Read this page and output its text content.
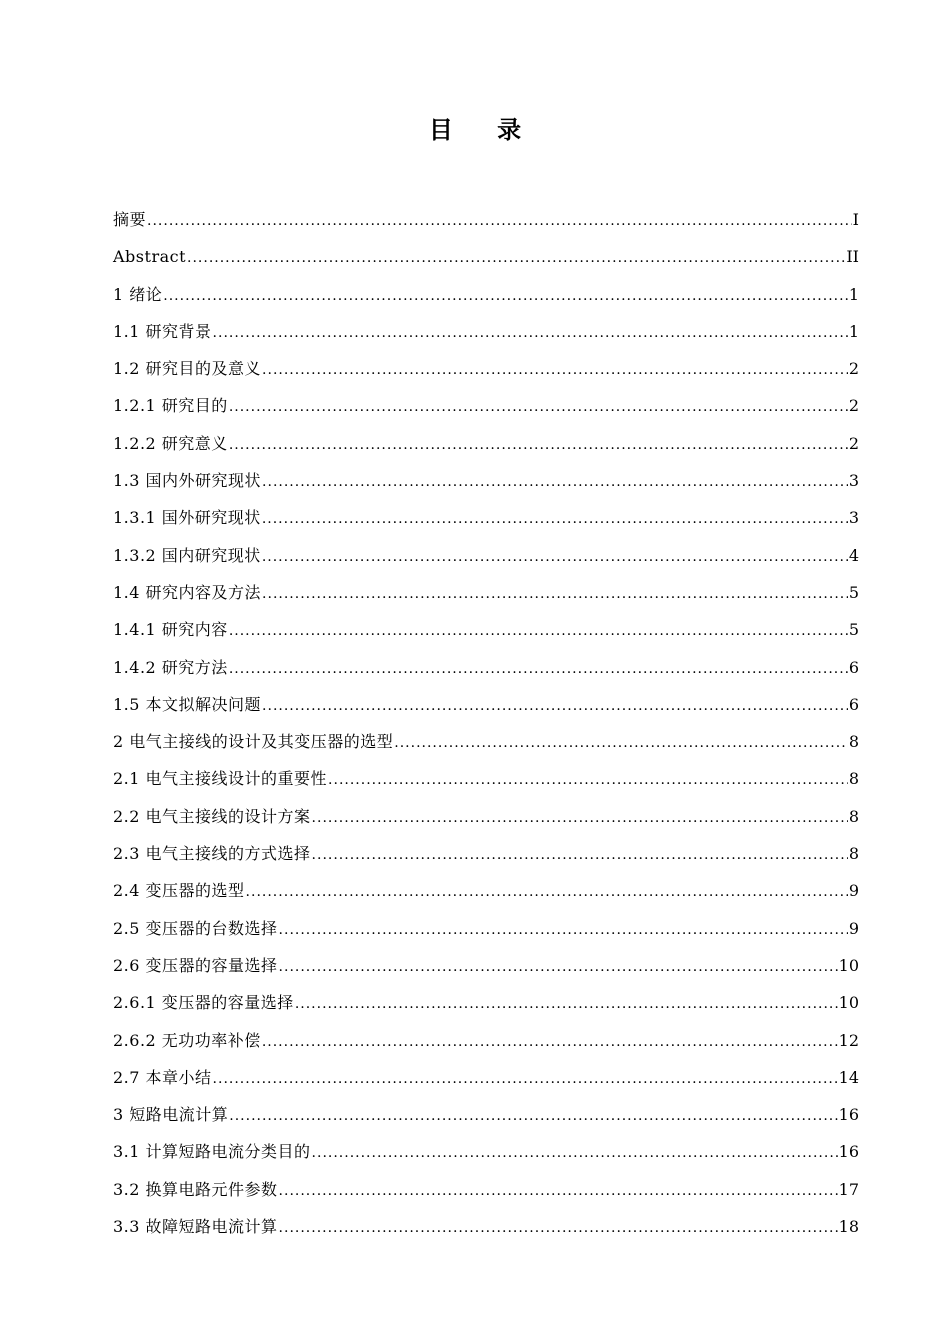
目 录
摘要 .....	I
Abstract .....	II
1 绪论 .....	1
1.1 研究背景 .....	1
1.2 研究目的及意义 .....	2
1.2.1 研究目的 .....	2
1.2.2 研究意义 .....	2
1.3 国内外研究现状 .....	3
1.3.1 国外研究现状 .....	3
1.3.2 国内研究现状 .....	4
1.4 研究内容及方法 .....	5
1.4.1 研究内容 .....	5
1.4.2 研究方法 .....	6
1.5 本文拟解决问题 .....	6
2 电气主接线的设计及其变压器的选型 .....	8
2.1 电气主接线设计的重要性 .....	8
2.2 电气主接线的设计方案 .....	8
2.3 电气主接线的方式选择 .....	8
2.4 变压器的选型 .....	9
2.5 变压器的台数选择 .....	9
2.6 变压器的容量选择 .....	10
2.6.1 变压器的容量选择 .....	10
2.6.2 无功功率补偿 .....	12
2.7 本章小结 .....	14
3 短路电流计算 .....	16
3.1 计算短路电流分类目的 .....	16
3.2 换算电路元件参数 .....	17
3.3 故障短路电流计算 .....	18
